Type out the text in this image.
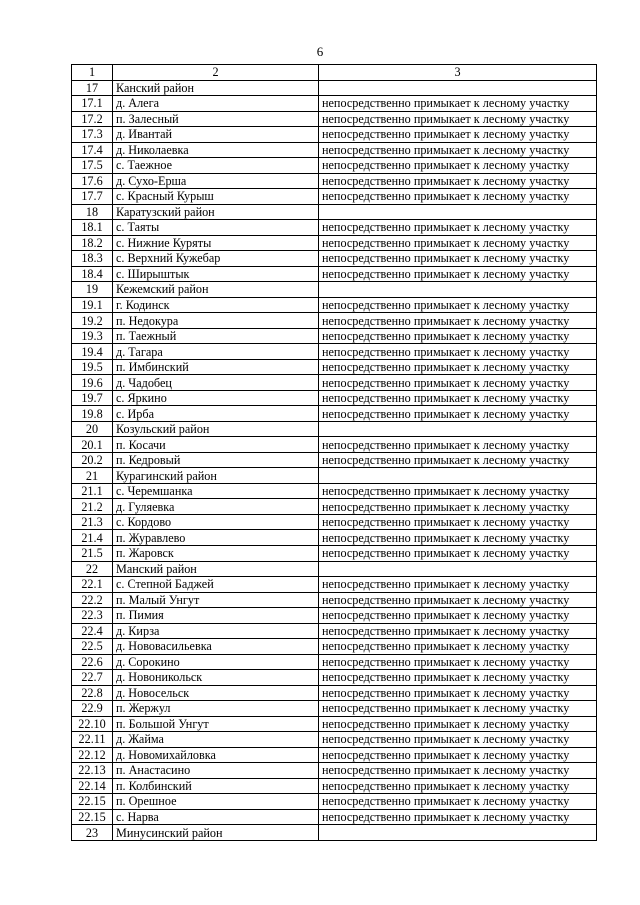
6
1	2	3
17	Канский район	
17.1	д. Алега	непосредственно примыкает к лесному участку
17.2	п. Залесный	непосредственно примыкает к лесному участку
17.3	д. Ивантай	непосредственно примыкает к лесному участку
17.4	д. Николаевка	непосредственно примыкает к лесному участку
17.5	с. Таежное	непосредственно примыкает к лесному участку
17.6	д. Сухо-Ерша	непосредственно примыкает к лесному участку
17.7	с. Красный Курыш	непосредственно примыкает к лесному участку
18	Каратузский район	
18.1	с. Таяты	непосредственно примыкает к лесному участку
18.2	с. Нижние Куряты	непосредственно примыкает к лесному участку
18.3	с. Верхний Кужебар	непосредственно примыкает к лесному участку
18.4	с. Ширыштык	непосредственно примыкает к лесному участку
19	Кежемский район	
19.1	г. Кодинск	непосредственно примыкает к лесному участку
19.2	п. Недокура	непосредственно примыкает к лесному участку
19.3	п. Таежный	непосредственно примыкает к лесному участку
19.4	д. Тагара	непосредственно примыкает к лесному участку
19.5	п. Имбинский	непосредственно примыкает к лесному участку
19.6	д. Чадобец	непосредственно примыкает к лесному участку
19.7	с. Яркино	непосредственно примыкает к лесному участку
19.8	с. Ирба	непосредственно примыкает к лесному участку
20	Козульский район	
20.1	п. Косачи	непосредственно примыкает к лесному участку
20.2	п. Кедровый	непосредственно примыкает к лесному участку
21	Курагинский район	
21.1	с. Черемшанка	непосредственно примыкает к лесному участку
21.2	д. Гуляевка	непосредственно примыкает к лесному участку
21.3	с. Кордово	непосредственно примыкает к лесному участку
21.4	п. Журавлево	непосредственно примыкает к лесному участку
21.5	п. Жаровск	непосредственно примыкает к лесному участку
22	Манский район	
22.1	с. Степной Баджей	непосредственно примыкает к лесному участку
22.2	п. Малый Унгут	непосредственно примыкает к лесному участку
22.3	п. Пимия	непосредственно примыкает к лесному участку
22.4	д. Кирза	непосредственно примыкает к лесному участку
22.5	д. Нововасильевка	непосредственно примыкает к лесному участку
22.6	д. Сорокино	непосредственно примыкает к лесному участку
22.7	д. Новоникольск	непосредственно примыкает к лесному участку
22.8	д. Новосельск	непосредственно примыкает к лесному участку
22.9	п. Жержул	непосредственно примыкает к лесному участку
22.10	п. Большой Унгут	непосредственно примыкает к лесному участку
22.11	д. Жайма	непосредственно примыкает к лесному участку
22.12	д. Новомихайловка	непосредственно примыкает к лесному участку
22.13	п. Анастасино	непосредственно примыкает к лесному участку
22.14	п. Колбинский	непосредственно примыкает к лесному участку
22.15	п. Орешное	непосредственно примыкает к лесному участку
22.15	с. Нарва	непосредственно примыкает к лесному участку
23	Минусинский район	
